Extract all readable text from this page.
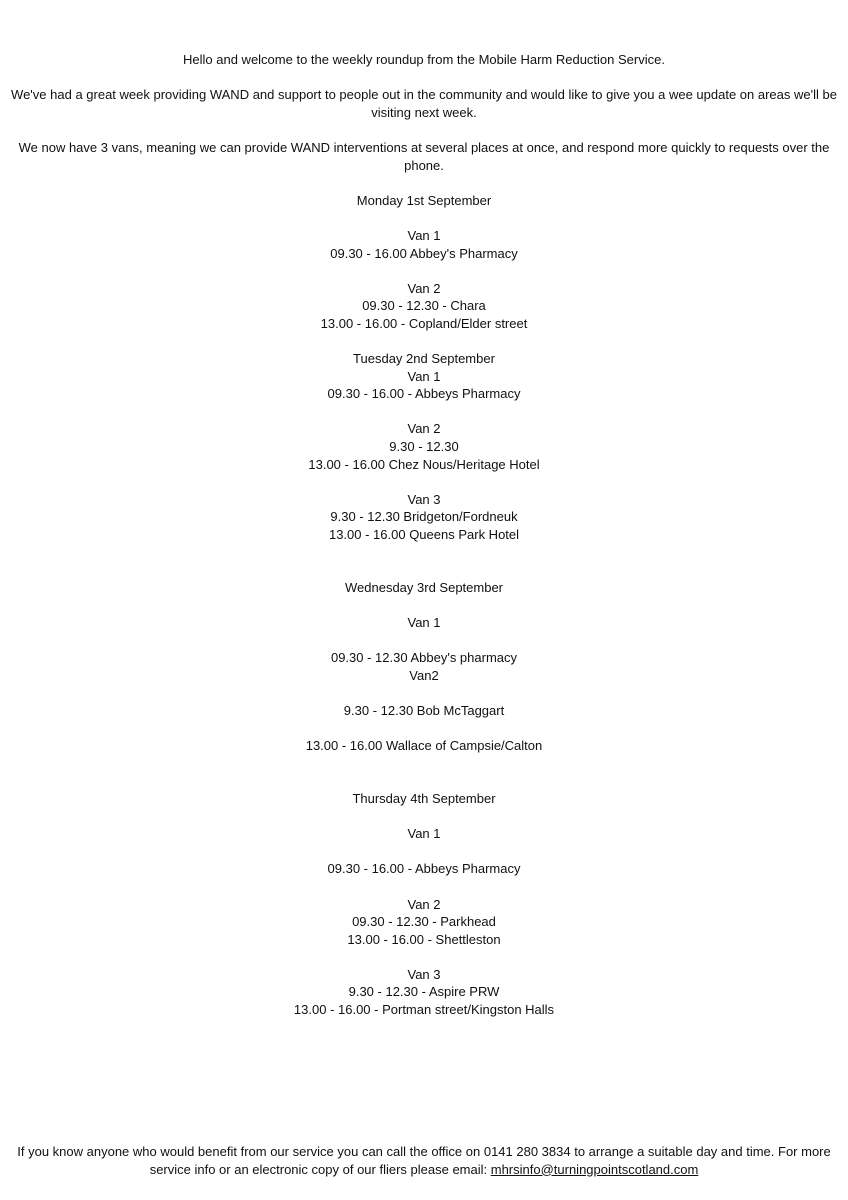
Hello and welcome to the weekly roundup from the Mobile Harm Reduction Service.
We've had a great week providing WAND and support to people out in the community and would like to give you a wee update on areas we'll be visiting next week.
We now have 3 vans, meaning we can provide WAND interventions at several places at once, and respond more quickly to requests over the phone.
Monday 1st September
Van 1
09.30 - 16.00 Abbey's Pharmacy
Van 2
09.30 - 12.30 - Chara
13.00 - 16.00 - Copland/Elder street
Tuesday 2nd September
Van 1
09.30 - 16.00 - Abbeys Pharmacy
Van 2
9.30 - 12.30
13.00 - 16.00 Chez Nous/Heritage Hotel
Van 3
9.30 - 12.30 Bridgeton/Fordneuk
13.00 - 16.00 Queens Park Hotel
Wednesday 3rd September
Van 1
09.30 - 12.30 Abbey's pharmacy
Van2
9.30 - 12.30 Bob McTaggart
13.00 - 16.00 Wallace of Campsie/Calton
Thursday 4th September
Van 1
09.30 - 16.00 - Abbeys Pharmacy
Van 2
09.30 - 12.30 - Parkhead
13.00 - 16.00 - Shettleston
Van 3
9.30 - 12.30 - Aspire PRW
13.00 - 16.00 - Portman street/Kingston Halls
If you know anyone who would benefit from our service you can call the office on 0141 280 3834 to arrange a suitable day and time. For more service info or an electronic copy of our fliers please email: mhrsinfo@turningpointscotland.com
